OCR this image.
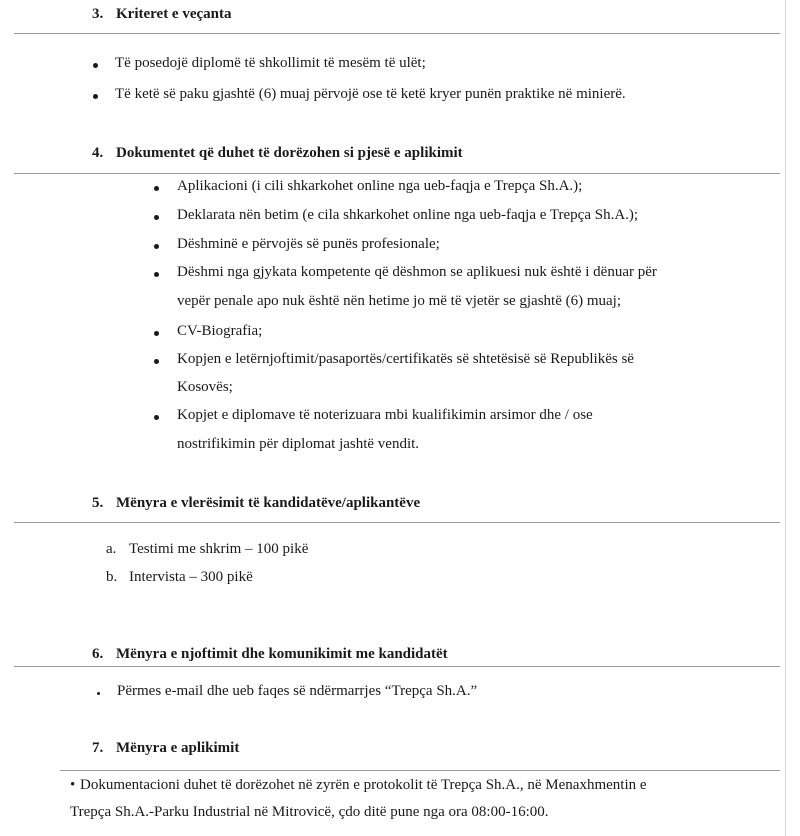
3. Kriteret e veçanta
Të posedojë diplomë të shkollimit të mesëm të ulët;
Të ketë së paku gjashtë (6) muaj përvojë ose të ketë kryer punën praktike në minierë.
4. Dokumentet që duhet të dorëzohen si pjesë e aplikimit
Aplikacioni (i cili shkarkohet online nga ueb-faqja e Trepça Sh.A.);
Deklarata nën betim (e cila shkarkohet online nga ueb-faqja e Trepça Sh.A.);
Dëshminë e përvojës së punës profesionale;
Dëshmi nga gjykata kompetente që dëshmon se aplikuesi nuk është i dënuar për
vepër penale apo nuk është nën hetime jo më të vjetër se gjashtë (6) muaj;
CV-Biografia;
Kopjen e letërnjoftimit/pasaportës/certifikatës së shtetësisë së Republikës së
Kosovës;
Kopjet e diplomave të noterizuara mbi kualifikimin arsimor dhe / ose
nostrifikimin për diplomat jashtë vendit.
5. Mënyra e vlerësimit të kandidatëve/aplikantëve
a. Testimi me shkrim – 100 pikë
b. Intervista – 300 pikë
6. Mënyra e njoftimit dhe komunikimit me kandidatët
Përmes e-mail dhe ueb faqes së ndërmarrjes “Trepça Sh.A.”
7. Mënyra e aplikimit
• Dokumentacioni duhet të dorëzohet në zyrën e protokolit të Trepça Sh.A., në Menaxhmentin e
Trepça Sh.A.-Parku Industrial në Mitrovicë, çdo ditë pune nga ora 08:00-16:00.
